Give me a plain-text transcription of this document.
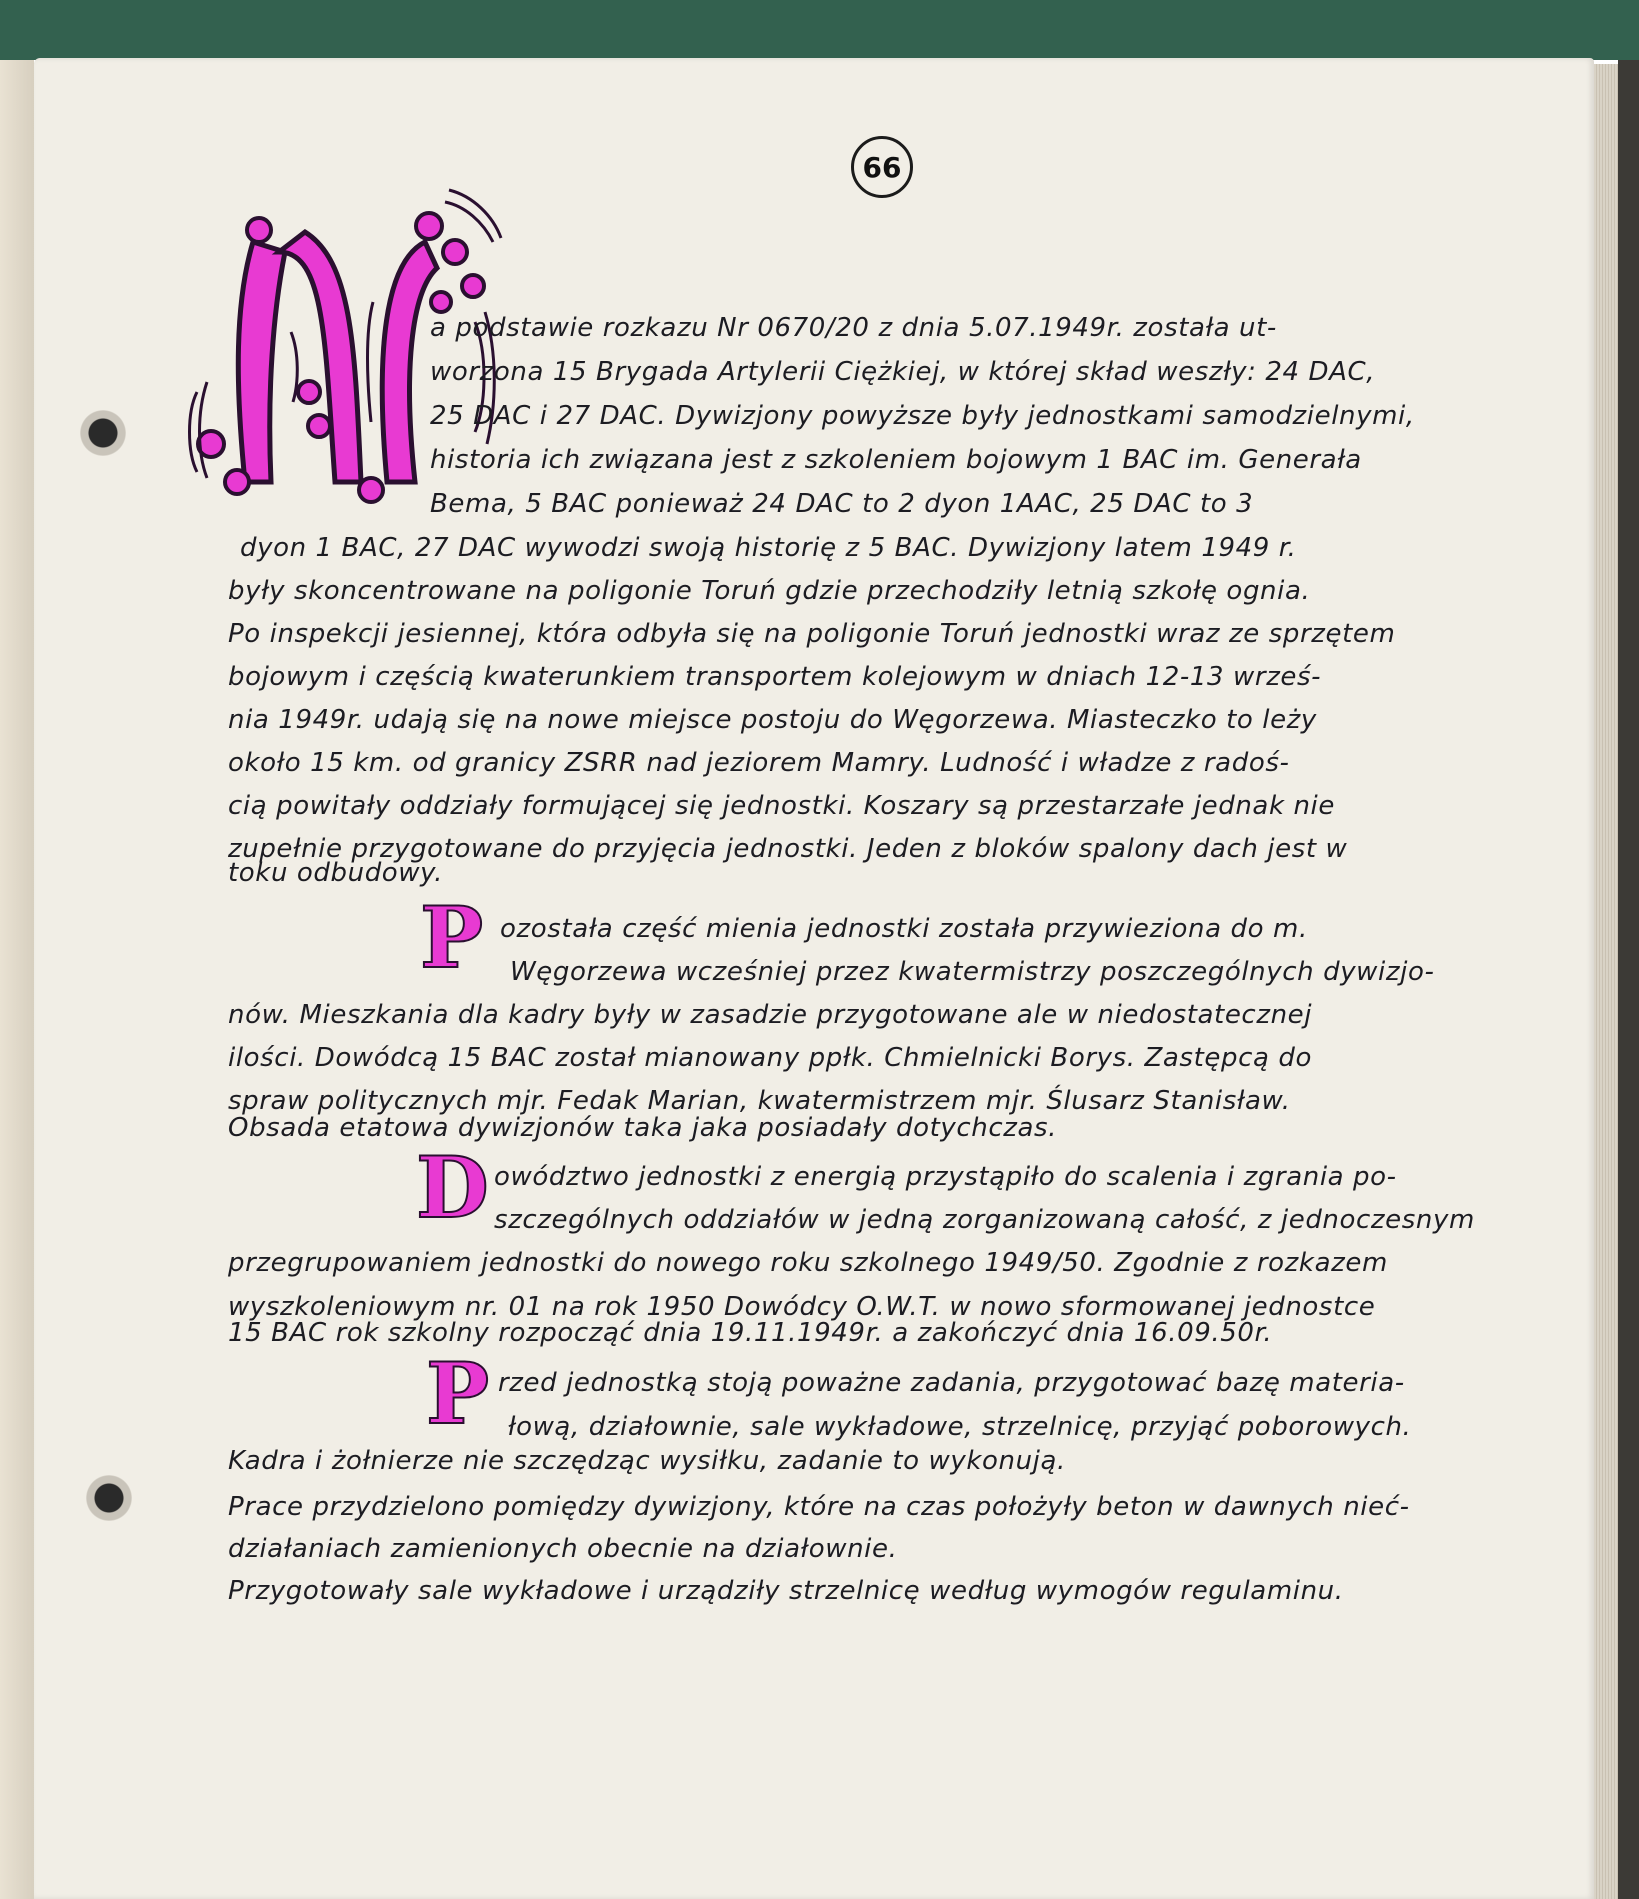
66
a podstawie rozkazu Nr 0670/20 z dnia 5.07.1949r. została ut-
worzona 15 Brygada Artylerii Ciężkiej, w której skład weszły: 24 DAC,
25 DAC i 27 DAC. Dywizjony powyższe były jednostkami samodzielnymi,
historia ich związana jest z szkoleniem bojowym 1 BAC im. Generała
Bema, 5 BAC ponieważ 24 DAC to 2 dyon 1AAC, 25 DAC to 3
dyon 1 BAC, 27 DAC wywodzi swoją historię z 5 BAC. Dywizjony latem 1949 r.
były skoncentrowane na poligonie Toruń gdzie przechodziły letnią szkołę ognia.
Po inspekcji jesiennej, która odbyła się na poligonie Toruń jednostki wraz ze sprzętem
bojowym i częścią kwaterunkiem transportem kolejowym w dniach 12-13 wrześ-
nia 1949r. udają się na nowe miejsce postoju do Węgorzewa. Miasteczko to leży
około 15 km. od granicy ZSRR nad jeziorem Mamry. Ludność i władze z radoś-
cią powitały oddziały formującej się jednostki. Koszary są przestarzałe jednak nie
zupełnie przygotowane do przyjęcia jednostki. Jeden z bloków spalony dach jest w
toku odbudowy.
P ozostała część mienia jednostki została przywieziona do m.
Węgorzewa wcześniej przez kwatermistrzy poszczególnych dywizjo-
nów. Mieszkania dla kadry były w zasadzie przygotowane ale w niedostatecznej
ilości. Dowódcą 15 BAC został mianowany ppłk. Chmielnicki Borys. Zastępcą do
spraw politycznych mjr. Fedak Marian, kwatermistrzem mjr. Ślusarz Stanisław.
Obsada etatowa dywizjonów taka jaka posiadały dotychczas.
D owództwo jednostki z energią przystąpiło do scalenia i zgrania po-
szczególnych oddziałów w jedną zorganizowaną całość, z jednoczesnym
przegrupowaniem jednostki do nowego roku szkolnego 1949/50. Zgodnie z rozkazem
wyszkoleniowym nr. 01 na rok 1950 Dowódcy O.W.T. w nowo sformowanej jednostce
15 BAC rok szkolny rozpocząć dnia 19.11.1949r. a zakończyć dnia 16.09.50r.
P rzed jednostką stoją poważne zadania, przygotować bazę materia-
łową, działownie, sale wykładowe, strzelnicę, przyjąć poborowych.
Kadra i żołnierze nie szczędząc wysiłku, zadanie to wykonują.
Prace przydzielono pomiędzy dywizjony, które na czas położyły beton w dawnych nieć-
działaniach zamienionych obecnie na działownie.
Przygotowały sale wykładowe i urządziły strzelnicę według wymogów regulaminu.
